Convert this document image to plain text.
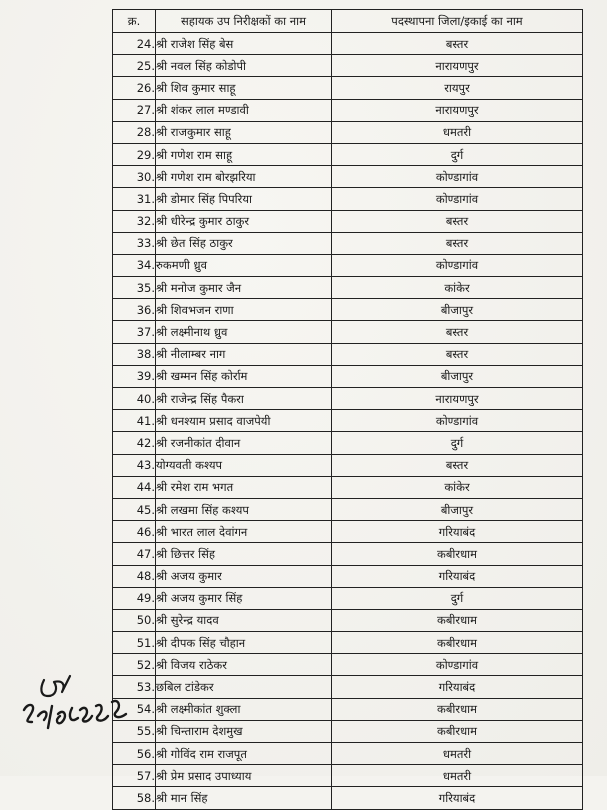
क्र.	सहायक उप निरीक्षकों का नाम	पदस्थापना जिला/इकाई का नाम
24.	श्री राजेश सिंह बेस	बस्तर
25.	श्री नवल सिंह कोडोपी	नारायणपुर
26.	श्री शिव कुमार साहू	रायपुर
27.	श्री शंकर लाल मण्डावी	नारायणपुर
28.	श्री राजकुमार साहू	धमतरी
29.	श्री गणेश राम साहू	दुर्ग
30.	श्री गणेश राम बोरझरिया	कोण्डागांव
31.	श्री डोमार सिंह पिपरिया	कोण्डागांव
32.	श्री धीरेन्द्र कुमार ठाकुर	बस्तर
33.	श्री छेत सिंह ठाकुर	बस्तर
34.	रुकमणी ध्रुव	कोण्डागांव
35.	श्री मनोज कुमार जैन	कांकेर
36.	श्री शिवभजन राणा	बीजापुर
37.	श्री लक्ष्मीनाथ ध्रुव	बस्तर
38.	श्री नीलाम्बर नाग	बस्तर
39.	श्री खम्मन सिंह कोर्राम	बीजापुर
40.	श्री राजेन्द्र सिंह पैकरा	नारायणपुर
41.	श्री धनश्याम प्रसाद वाजपेयी	कोण्डागांव
42.	श्री रजनीकांत दीवान	दुर्ग
43.	योग्यवती कश्यप	बस्तर
44.	श्री रमेश राम भगत	कांकेर
45.	श्री लखमा सिंह कश्यप	बीजापुर
46.	श्री भारत लाल देवांगन	गरियाबंद
47.	श्री छित्तर सिंह	कबीरधाम
48.	श्री अजय कुमार	गरियाबंद
49.	श्री अजय कुमार सिंह	दुर्ग
50.	श्री सुरेन्द्र यादव	कबीरधाम
51.	श्री दीपक सिंह चौहान	कबीरधाम
52.	श्री विजय राठेकर	कोण्डागांव
53.	छबिल टांडेकर	गरियाबंद
54.	श्री लक्ष्मीकांत शुक्ला	कबीरधाम
55.	श्री चिन्ताराम देशमुख	कबीरधाम
56.	श्री गोविंद राम राजपूत	धमतरी
57.	श्री प्रेम प्रसाद उपाध्याय	धमतरी
58.	श्री मान सिंह	गरियाबंद
